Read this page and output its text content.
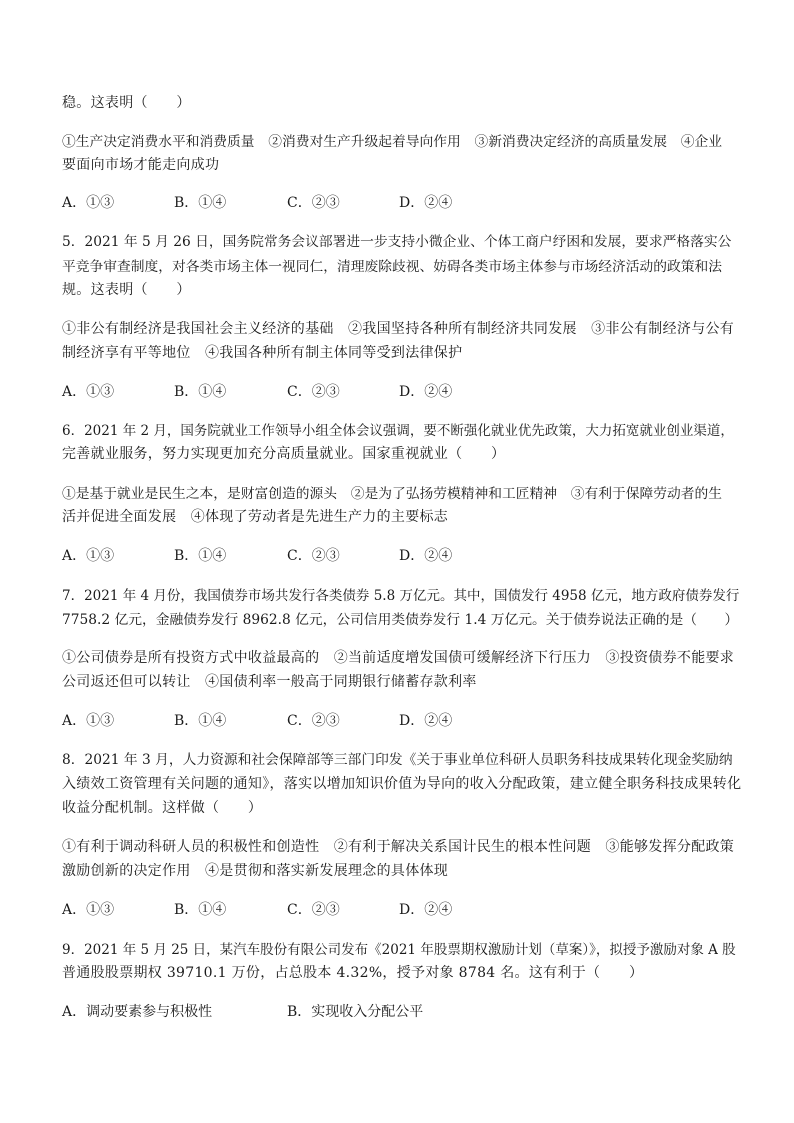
稳。这表明（　　）
①生产决定消费水平和消费质量　②消费对生产升级起着导向作用　③新消费决定经济的高质量发展　④企业
要面向市场才能走向成功
A．①③	B．①④	C．②③	D．②④
5．2021 年 5 月 26 日，国务院常务会议部署进一步支持小微企业、个体工商户纾困和发展，要求严格落实公
平竞争审查制度，对各类市场主体一视同仁，清理废除歧视、妨碍各类市场主体参与市场经济活动的政策和法
规。这表明（　　）
①非公有制经济是我国社会主义经济的基础　②我国坚持各种所有制经济共同发展　③非公有制经济与公有
制经济享有平等地位　④我国各种所有制主体同等受到法律保护
A．①③	B．①④	C．②③	D．②④
6．2021 年 2 月，国务院就业工作领导小组全体会议强调，要不断强化就业优先政策，大力拓宽就业创业渠道，
完善就业服务，努力实现更加充分高质量就业。国家重视就业（　　）
①是基于就业是民生之本，是财富创造的源头　②是为了弘扬劳模精神和工匠精神　③有利于保障劳动者的生
活并促进全面发展　④体现了劳动者是先进生产力的主要标志
A．①③	B．①④	C．②③	D．②④
7．2021 年 4 月份，我国债券市场共发行各类债券 5.8 万亿元。其中，国债发行 4958 亿元，地方政府债券发行
7758.2 亿元，金融债券发行 8962.8 亿元，公司信用类债券发行 1.4 万亿元。关于债券说法正确的是（　　）
①公司债券是所有投资方式中收益最高的　②当前适度增发国债可缓解经济下行压力　③投资债券不能要求
公司返还但可以转让　④国债利率一般高于同期银行储蓄存款利率
A．①③	B．①④	C．②③	D．②④
8．2021 年 3 月，人力资源和社会保障部等三部门印发《关于事业单位科研人员职务科技成果转化现金奖励纳
入绩效工资管理有关问题的通知》，落实以增加知识价值为导向的收入分配政策，建立健全职务科技成果转化
收益分配机制。这样做（　　）
①有利于调动科研人员的积极性和创造性　②有利于解决关系国计民生的根本性问题　③能够发挥分配政策
激励创新的决定作用　④是贯彻和落实新发展理念的具体体现
A．①③	B．①④	C．②③	D．②④
9．2021 年 5 月 25 日，某汽车股份有限公司发布《2021 年股票期权激励计划（草案）》，拟授予激励对象 A 股
普通股股票期权 39710.1 万份，占总股本 4.32%，授予对象 8784 名。这有利于（　　）
A．调动要素参与积极性	B．实现收入分配公平
